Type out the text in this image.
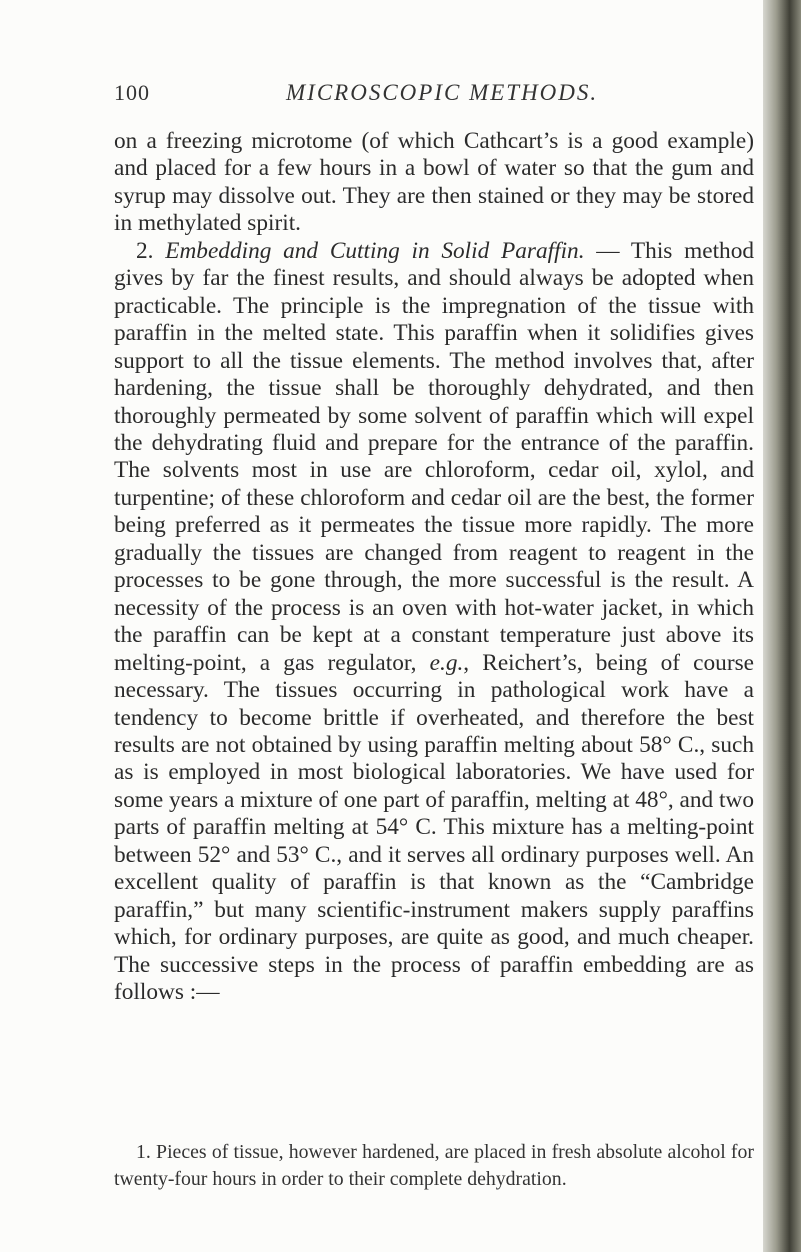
100	MICROSCOPIC METHODS.

on a freezing microtome (of which Cathcart’s is a good example) and placed for a few hours in a bowl of water so that the gum and syrup may dissolve out. They are then stained or they may be stored in methylated spirit.

2. Embedding and Cutting in Solid Paraffin. — This method gives by far the finest results, and should always be adopted when practicable. The principle is the impregnation of the tissue with paraffin in the melted state. This paraffin when it solidifies gives support to all the tissue elements. The method involves that, after hardening, the tissue shall be thoroughly dehydrated, and then thoroughly permeated by some solvent of paraffin which will expel the dehydrating fluid and prepare for the entrance of the paraffin. The solvents most in use are chloroform, cedar oil, xylol, and turpentine; of these chloroform and cedar oil are the best, the former being preferred as it permeates the tissue more rapidly. The more gradually the tissues are changed from reagent to reagent in the processes to be gone through, the more successful is the result. A necessity of the process is an oven with hot-water jacket, in which the paraffin can be kept at a constant temperature just above its melting-point, a gas regulator, e.g., Reichert’s, being of course necessary. The tissues occurring in pathological work have a tendency to become brittle if overheated, and therefore the best results are not obtained by using paraffin melting about 58° C., such as is employed in most biological laboratories. We have used for some years a mixture of one part of paraffin, melting at 48°, and two parts of paraffin melting at 54° C. This mixture has a melting-point between 52° and 53° C., and it serves all ordinary purposes well. An excellent quality of paraffin is that known as the “Cambridge paraffin,” but many scientific-instrument makers supply paraffins which, for ordinary purposes, are quite as good, and much cheaper. The successive steps in the process of paraffin embedding are as follows :—

1. Pieces of tissue, however hardened, are placed in fresh absolute alcohol for twenty-four hours in order to their complete dehydration.
